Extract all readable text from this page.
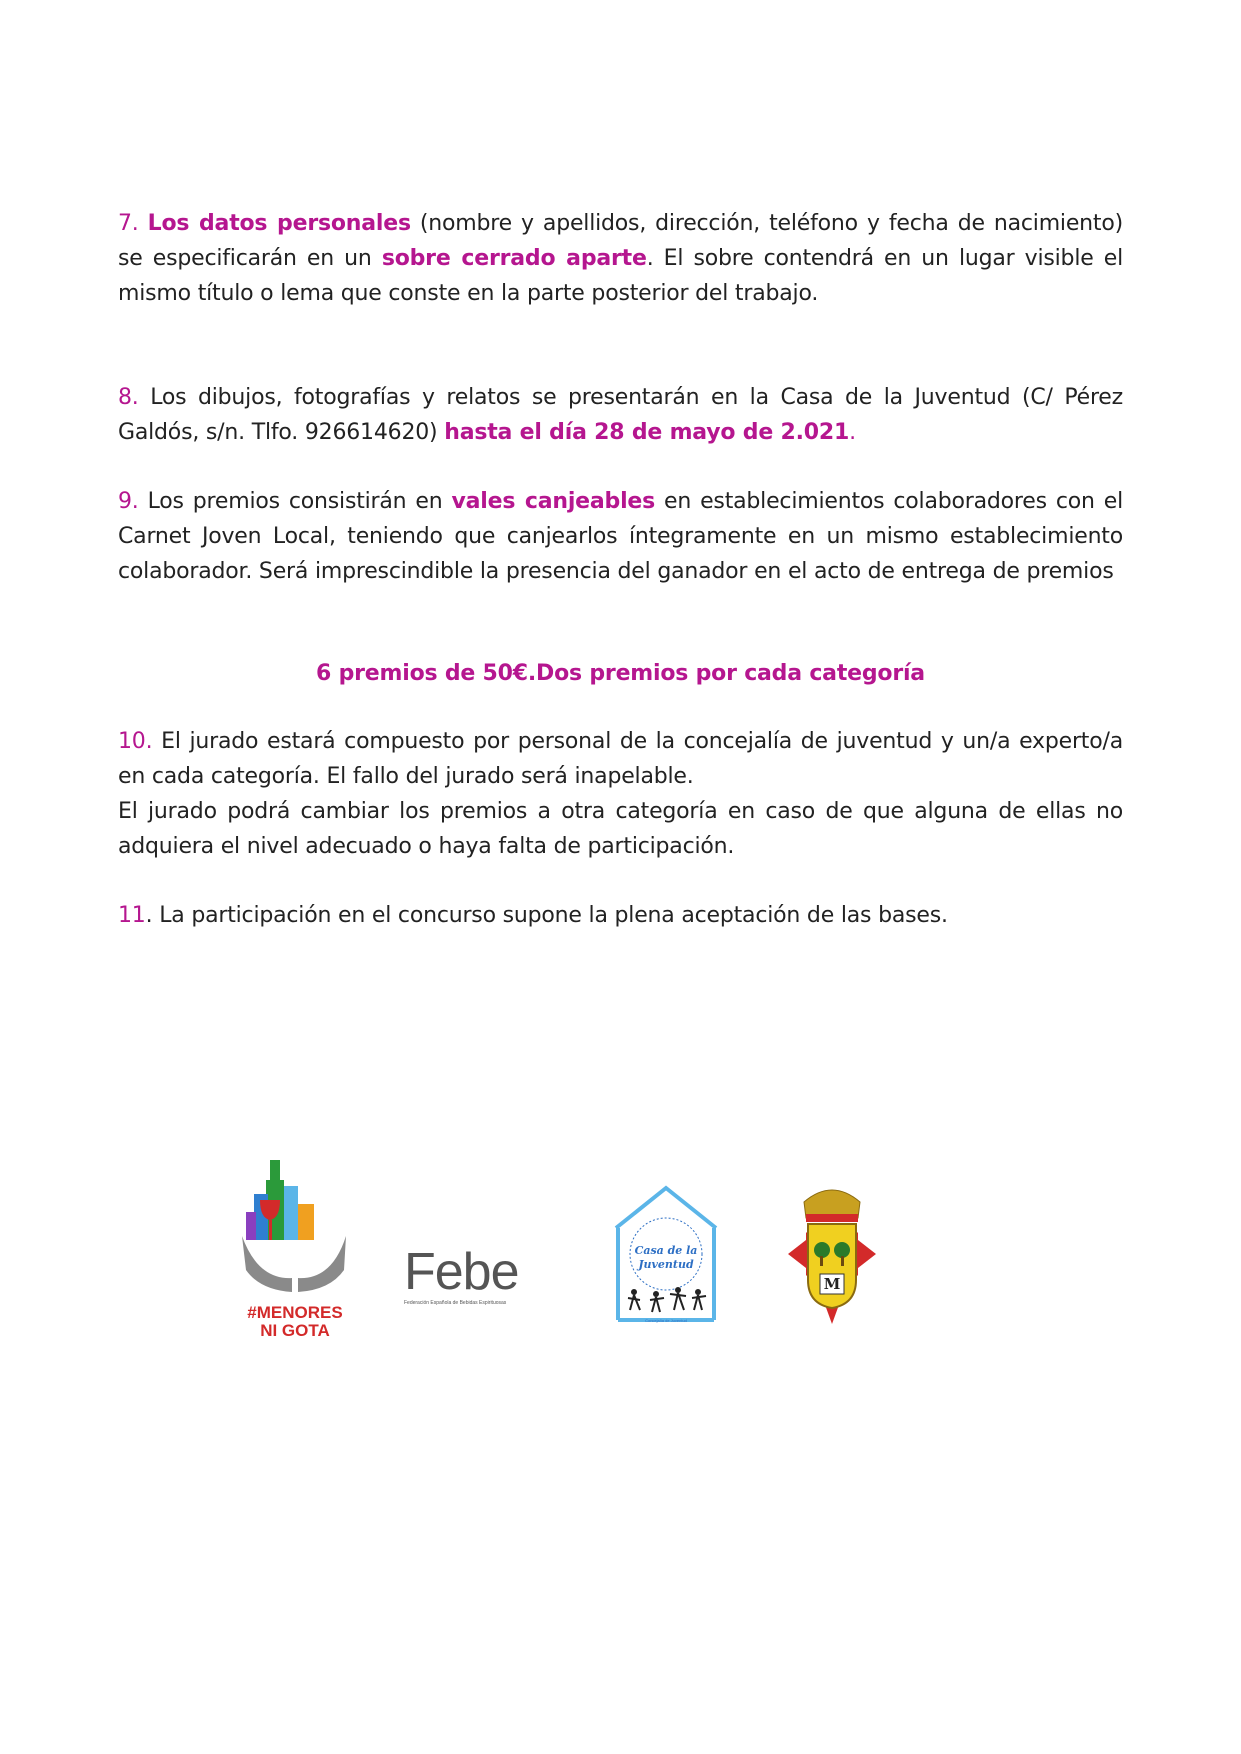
7. Los datos personales (nombre y apellidos, dirección, teléfono y fecha de nacimiento) se especificarán en un sobre cerrado aparte. El sobre contendrá en un lugar visible el mismo título o lema que conste en la parte posterior del trabajo.
8. Los dibujos, fotografías y relatos se presentarán en la Casa de la Juventud (C/ Pérez Galdós, s/n. Tlfo. 926614620) hasta el día 28 de mayo de 2.021.
9. Los premios consistirán en vales canjeables en establecimientos colaboradores con el Carnet Joven Local, teniendo que canjearlos íntegramente en un mismo establecimiento colaborador. Será imprescindible la presencia del ganador en el acto de entrega de premios
6 premios de 50€.Dos premios por cada categoría
10. El jurado estará compuesto por personal de la concejalía de juventud y un/a experto/a en cada categoría. El fallo del jurado será inapelable.
El jurado podrá cambiar los premios a otra categoría en caso de que alguna de ellas no adquiera el nivel adecuado o haya falta de participación.
11. La participación en el concurso supone la plena aceptación de las bases.
#MENORES
NI GOTA
Febe
Federación Española de Bebidas Espirituosas
Casa de la
Juventud
Concejalía de Juventud
M
